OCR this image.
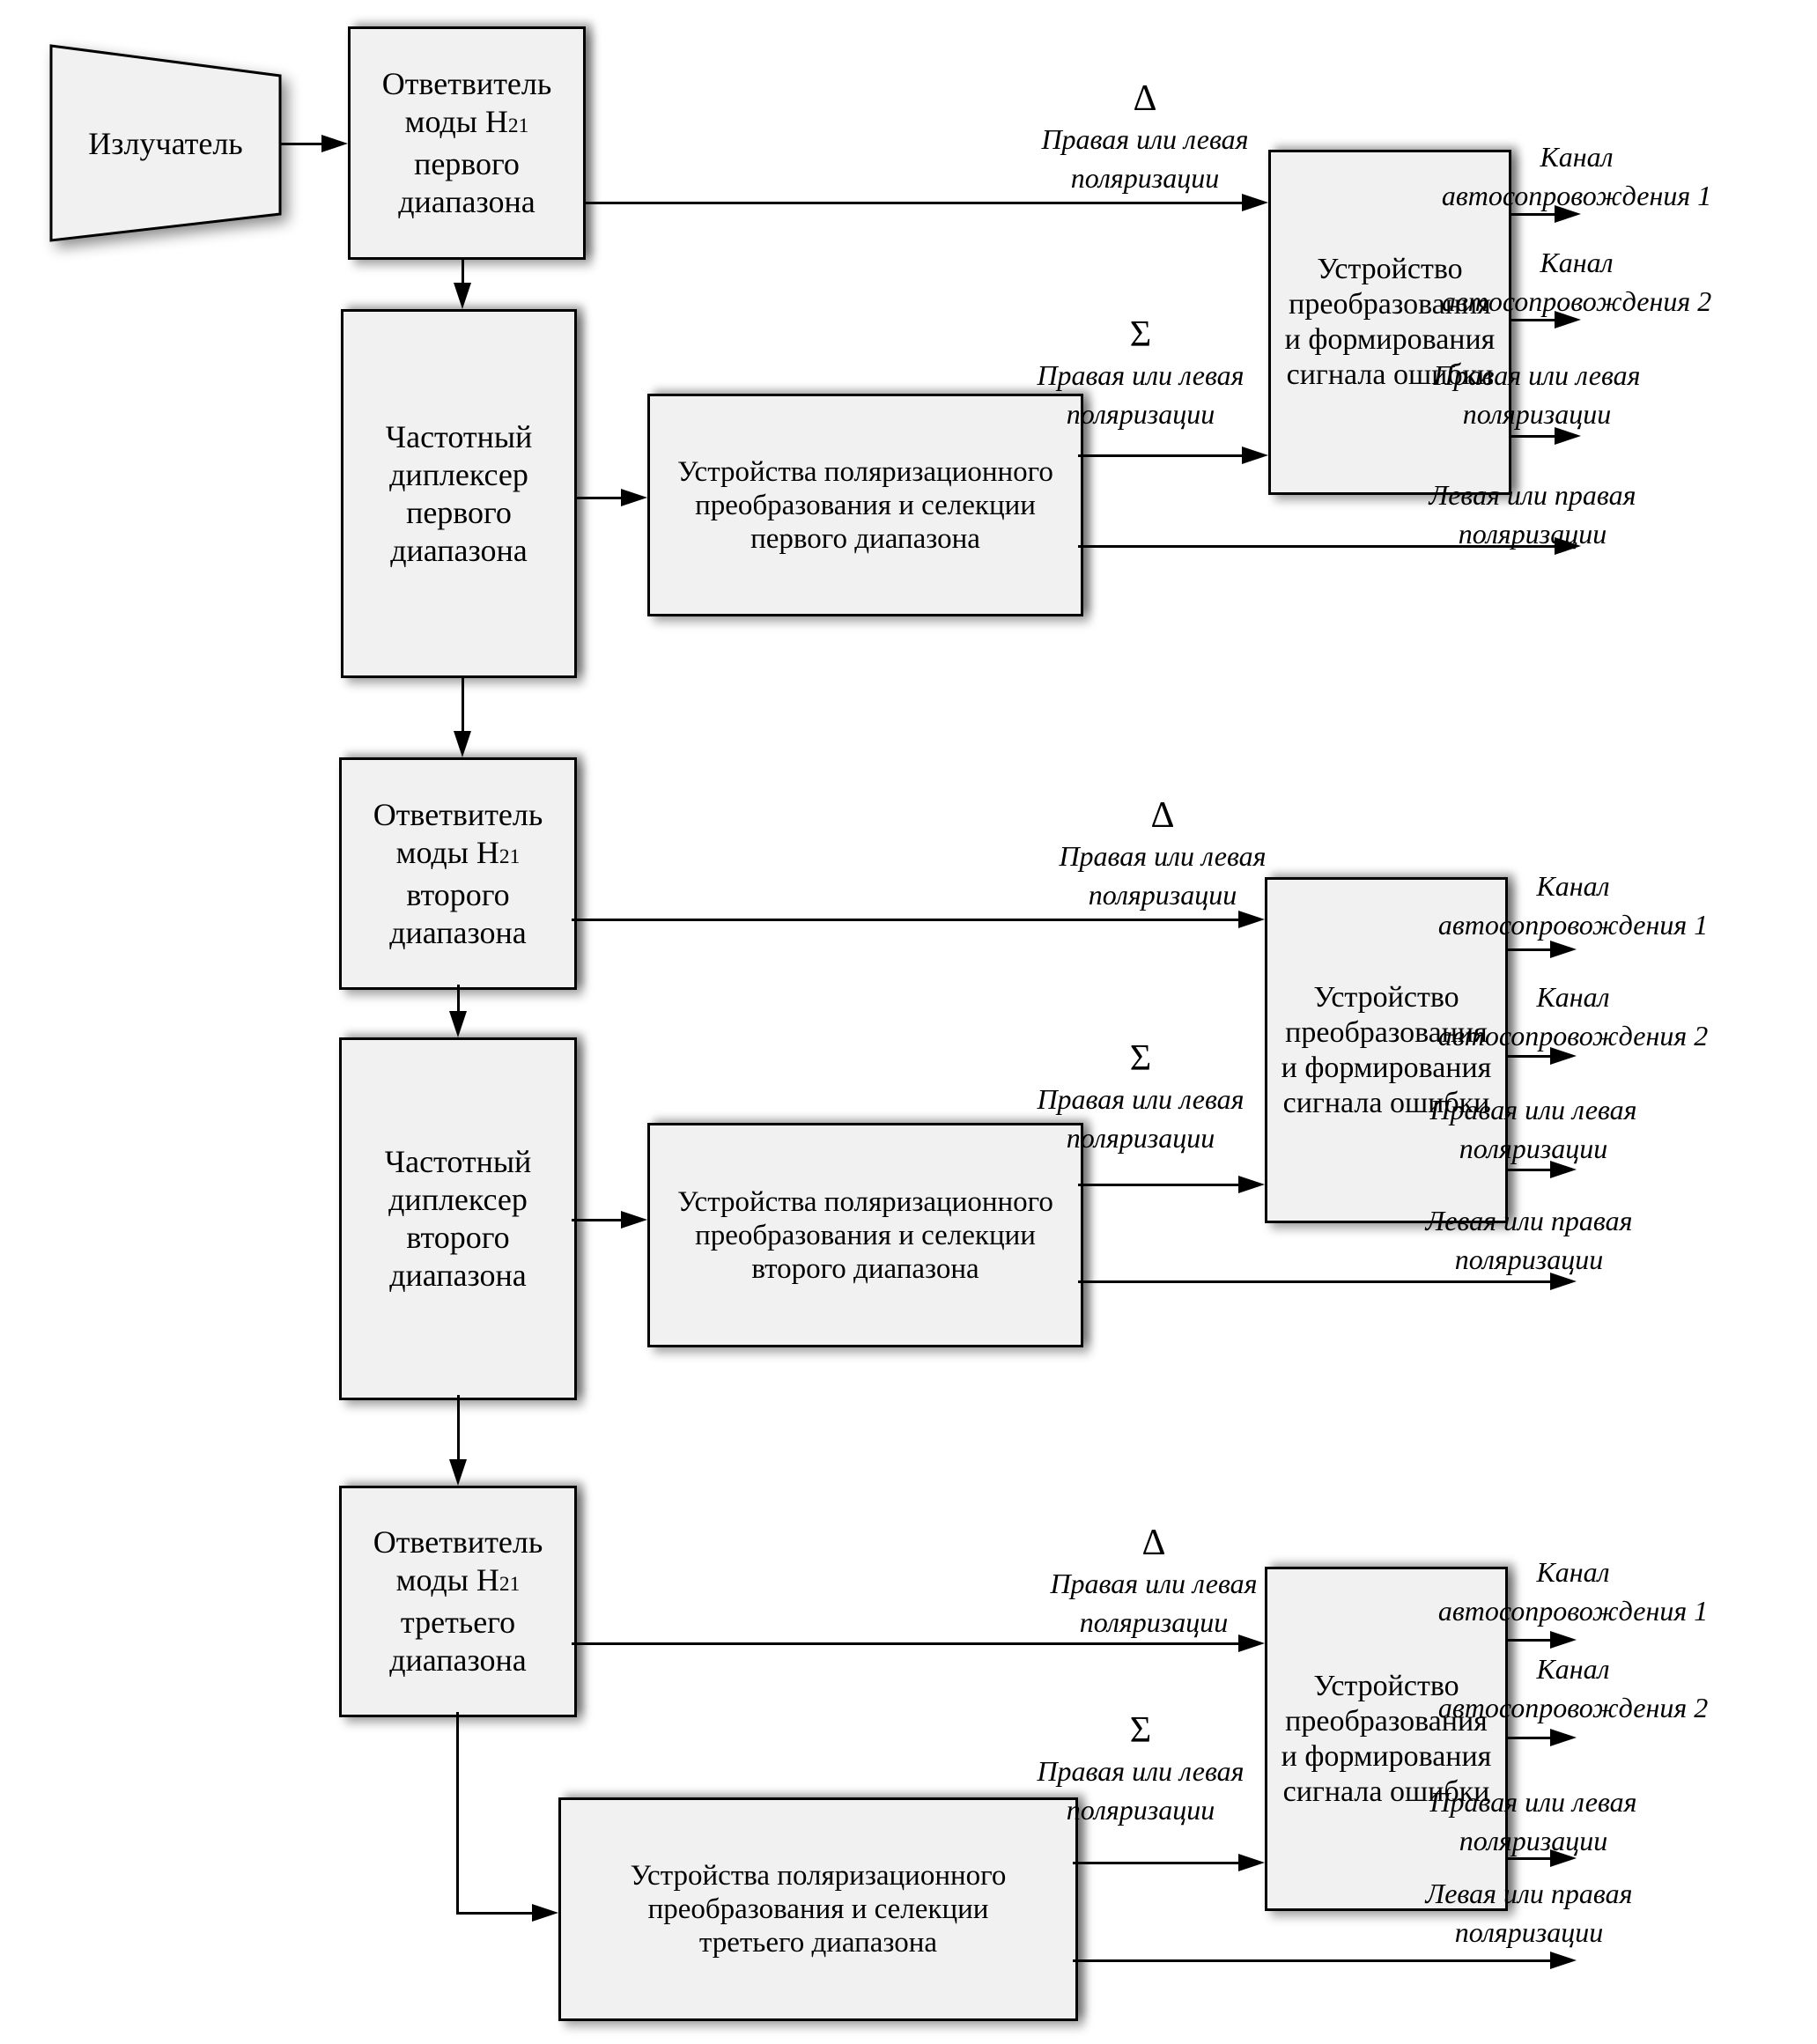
Излучатель
Ответвитель
моды H21
первого
диапазона
Частотный
диплексер
первого
диапазона
Устройства поляризационного
преобразования и селекции
первого диапазона
Устройство
преобразования
и формирования
сигнала ошибки
Δ
Правая или левая
поляризации
Σ
Правая или левая
поляризации
Канал
автосопровождения 1
Канал
автосопровождения 2
Правая или левая
поляризации
Левая или правая
поляризации
Ответвитель
моды H21
второго
диапазона
Частотный
диплексер
второго
диапазона
Устройства поляризационного
преобразования и селекции
второго диапазона
Устройство
преобразования
и формирования
сигнала ошибки
Δ
Правая или левая
поляризации
Σ
Правая или левая
поляризации
Канал
автосопровождения 1
Канал
автосопровождения 2
Правая или левая
поляризации
Левая или правая
поляризации
Ответвитель
моды H21
третьего
диапазона
Устройства поляризационного
преобразования и селекции
третьего диапазона
Устройство
преобразования
и формирования
сигнала ошибки
Δ
Правая или левая
поляризации
Σ
Правая или левая
поляризации
Канал
автосопровождения 1
Канал
автосопровождения 2
Правая или левая
поляризации
Левая или правая
поляризации
